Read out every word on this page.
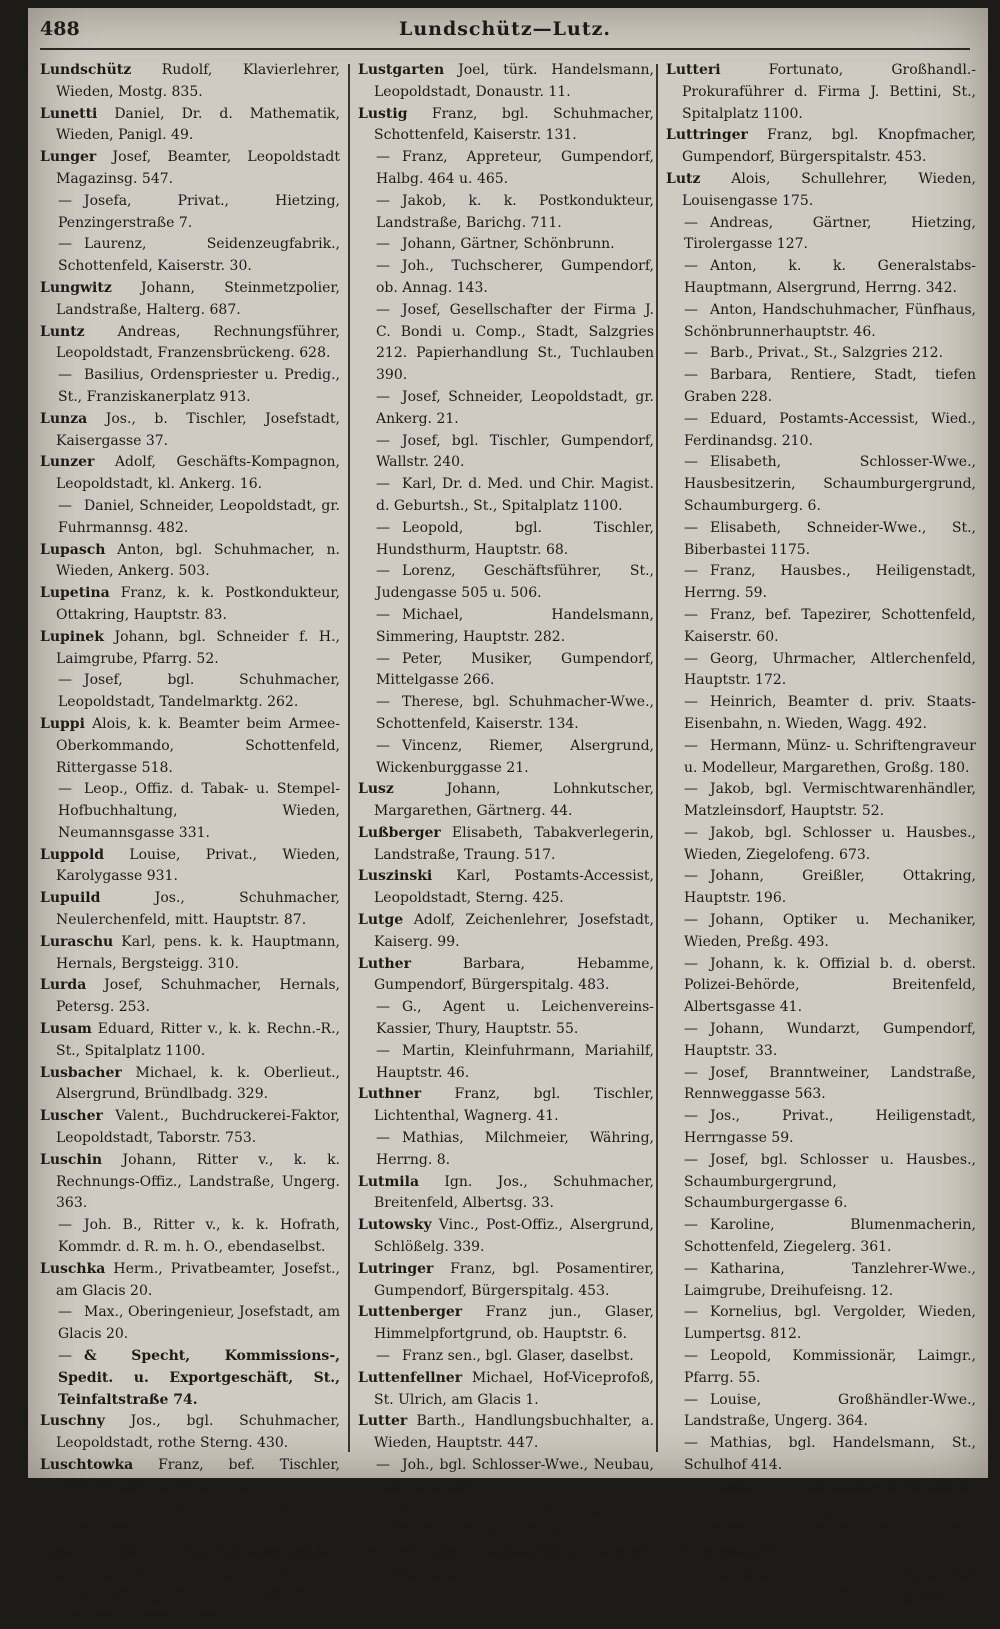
488	Lundschütz—Lutz.
Lundschütz Rudolf, Klavierlehrer, Wieden, Mostg. 835.
Lunetti Daniel, Dr. d. Mathematik, Wieden, Panigl. 49.
Lunger Josef, Beamter, Leopoldstadt Magazinsg. 547.
— Josefa, Privat., Hietzing, Penzingerstraße 7.
— Laurenz, Seidenzeugfabrik., Schottenfeld, Kaiserstr. 30.
Lungwitz Johann, Steinmetzpolier, Landstraße, Halterg. 687.
Luntz Andreas, Rechnungsführer, Leopoldstadt, Franzensbrückeng. 628.
— Basilius, Ordenspriester u. Predig., St., Franziskanerplatz 913.
Lunza Jos., b. Tischler, Josefstadt, Kaisergasse 37.
Lunzer Adolf, Geschäfts-Kompagnon, Leopoldstadt, kl. Ankerg. 16.
— Daniel, Schneider, Leopoldstadt, gr. Fuhrmannsg. 482.
Lupasch Anton, bgl. Schuhmacher, n. Wieden, Ankerg. 503.
Lupetina Franz, k. k. Postkondukteur, Ottakring, Hauptstr. 83.
Lupinek Johann, bgl. Schneider f. H., Laimgrube, Pfarrg. 52.
— Josef, bgl. Schuhmacher, Leopoldstadt, Tandelmarktg. 262.
Luppi Alois, k. k. Beamter beim Armee-Oberkommando, Schottenfeld, Rittergasse 518.
— Leop., Offiz. d. Tabak- u. Stempel-Hofbuchhaltung, Wieden, Neumannsgasse 331.
Luppold Louise, Privat., Wieden, Karolygasse 931.
Lupuild Jos., Schuhmacher, Neulerchenfeld, mitt. Hauptstr. 87.
Luraschu Karl, pens. k. k. Hauptmann, Hernals, Bergsteigg. 310.
Lurda Josef, Schuhmacher, Hernals, Petersg. 253.
Lusam Eduard, Ritter v., k. k. Rechn.-R., St., Spitalplatz 1100.
Lusbacher Michael, k. k. Oberlieut., Alsergrund, Bründlbadg. 329.
Luscher Valent., Buchdruckerei-Faktor, Leopoldstadt, Taborstr. 753.
Luschin Johann, Ritter v., k. k. Rechnungs-Offiz., Landstraße, Ungerg. 363.
— Joh. B., Ritter v., k. k. Hofrath, Kommdr. d. R. m. h. O., ebendaselbst.
Luschka Herm., Privatbeamter, Josefst., am Glacis 20.
— Max., Oberingenieur, Josefstadt, am Glacis 20.
— & Specht, Kommissions-, Spedit. u. Exportgeschäft, St., Teinfaltstraße 74.
Luschny Jos., bgl. Schuhmacher, Leopoldstadt, rothe Sterng. 430.
Luschtowka Franz, bef. Tischler, Margarethen, Zwerchg. 19.
Lusert Elisabeth, Privat., Wieden, Annagasse 921.
Lusk Jos., Vermischtwarenhdlr., Braunhirschengrund, Fischerg. 66.
Lust Jos. Georg, Schullehrer, Fünfhaus, Schönbrunnerhauptstr. 232.
Lustgarten Joel, türk. Handelsmann, Leopoldstadt, Donaustr. 11.
Lustig Franz, bgl. Schuhmacher, Schottenfeld, Kaiserstr. 131.
— Franz, Appreteur, Gumpendorf, Halbg. 464 u. 465.
— Jakob, k. k. Postkondukteur, Landstraße, Barichg. 711.
— Johann, Gärtner, Schönbrunn.
— Joh., Tuchscherer, Gumpendorf, ob. Annag. 143.
— Josef, Gesellschafter der Firma J. C. Bondi u. Comp., Stadt, Salzgries 212. Papierhandlung St., Tuchlauben 390.
— Josef, Schneider, Leopoldstadt, gr. Ankerg. 21.
— Josef, bgl. Tischler, Gumpendorf, Wallstr. 240.
— Karl, Dr. d. Med. und Chir. Magist. d. Geburtsh., St., Spitalplatz 1100.
— Leopold, bgl. Tischler, Hundsthurm, Hauptstr. 68.
— Lorenz, Geschäftsführer, St., Judengasse 505 u. 506.
— Michael, Handelsmann, Simmering, Hauptstr. 282.
— Peter, Musiker, Gumpendorf, Mittelgasse 266.
— Therese, bgl. Schuhmacher-Wwe., Schottenfeld, Kaiserstr. 134.
— Vincenz, Riemer, Alsergrund, Wickenburggasse 21.
Lusz Johann, Lohnkutscher, Margarethen, Gärtnerg. 44.
Lußberger Elisabeth, Tabakverlegerin, Landstraße, Traung. 517.
Luszinski Karl, Postamts-Accessist, Leopoldstadt, Sterng. 425.
Lutge Adolf, Zeichenlehrer, Josefstadt, Kaiserg. 99.
Luther Barbara, Hebamme, Gumpendorf, Bürgerspitalg. 483.
— G., Agent u. Leichenvereins-Kassier, Thury, Hauptstr. 55.
— Martin, Kleinfuhrmann, Mariahilf, Hauptstr. 46.
Luthner Franz, bgl. Tischler, Lichtenthal, Wagnerg. 41.
— Mathias, Milchmeier, Währing, Herrng. 8.
Lutmila Ign. Jos., Schuhmacher, Breitenfeld, Albertsg. 33.
Lutowsky Vinc., Post-Offiz., Alsergrund, Schlößelg. 339.
Lutringer Franz, bgl. Posamentirer, Gumpendorf, Bürgerspitalg. 453.
Luttenberger Franz jun., Glaser, Himmelpfortgrund, ob. Hauptstr. 6.
— Franz sen., bgl. Glaser, daselbst.
Luttenfellner Michael, Hof-Viceprofoß, St. Ulrich, am Glacis 1.
Lutter Barth., Handlungsbuchhalter, a. Wieden, Hauptstr. 447.
— Joh., bgl. Schlosser-Wwe., Neubau, Hauptstr. 227.
— Karl, Silberplattirer, Altlerchenfeld, Hauptstr. 89.
Lutteri Cäsar, Seidenhändler, Penzing, gr. Kircheng. 60.
Lutteri Fortunato, Großhandl.-Prokuraführer d. Firma J. Bettini, St., Spitalplatz 1100.
Luttringer Franz, bgl. Knopfmacher, Gumpendorf, Bürgerspitalstr. 453.
Lutz Alois, Schullehrer, Wieden, Louisengasse 175.
— Andreas, Gärtner, Hietzing, Tirolergasse 127.
— Anton, k. k. Generalstabs-Hauptmann, Alsergrund, Herrng. 342.
— Anton, Handschuhmacher, Fünfhaus, Schönbrunnerhauptstr. 46.
— Barb., Privat., St., Salzgries 212.
— Barbara, Rentiere, Stadt, tiefen Graben 228.
— Eduard, Postamts-Accessist, Wied., Ferdinandsg. 210.
— Elisabeth, Schlosser-Wwe., Hausbesitzerin, Schaumburgergrund, Schaumburgerg. 6.
— Elisabeth, Schneider-Wwe., St., Biberbastei 1175.
— Franz, Hausbes., Heiligenstadt, Herrng. 59.
— Franz, bef. Tapezirer, Schottenfeld, Kaiserstr. 60.
— Georg, Uhrmacher, Altlerchenfeld, Hauptstr. 172.
— Heinrich, Beamter d. priv. Staats-Eisenbahn, n. Wieden, Wagg. 492.
— Hermann, Münz- u. Schriftengraveur u. Modelleur, Margarethen, Großg. 180.
— Jakob, bgl. Vermischtwarenhändler, Matzleinsdorf, Hauptstr. 52.
— Jakob, bgl. Schlosser u. Hausbes., Wieden, Ziegelofeng. 673.
— Johann, Greißler, Ottakring, Hauptstr. 196.
— Johann, Optiker u. Mechaniker, Wieden, Preßg. 493.
— Johann, k. k. Offizial b. d. oberst. Polizei-Behörde, Breitenfeld, Albertsgasse 41.
— Johann, Wundarzt, Gumpendorf, Hauptstr. 33.
— Josef, Branntweiner, Landstraße, Rennweggasse 563.
— Jos., Privat., Heiligenstadt, Herrngasse 59.
— Josef, bgl. Schlosser u. Hausbes., Schaumburgergrund, Schaumburgergasse 6.
— Karoline, Blumenmacherin, Schottenfeld, Ziegelerg. 361.
— Katharina, Tanzlehrer-Wwe., Laimgrube, Dreihufeisng. 12.
— Kornelius, bgl. Vergolder, Wieden, Lumpertsg. 812.
— Leopold, Kommissionär, Laimgr., Pfarrg. 55.
— Louise, Großhändler-Wwe., Landstraße, Ungerg. 364.
— Mathias, bgl. Handelsmann, St., Schulhof 414.
— Maxim., Vermischtwarenhändler, Schottenfeld, Ritterg. 129.
— Michael, Hausbes., Ober-St. Veit, Braunzeile 81.
— Michael, Zeugmacher, Braunhirschengrund, Dreihausg. 181.
